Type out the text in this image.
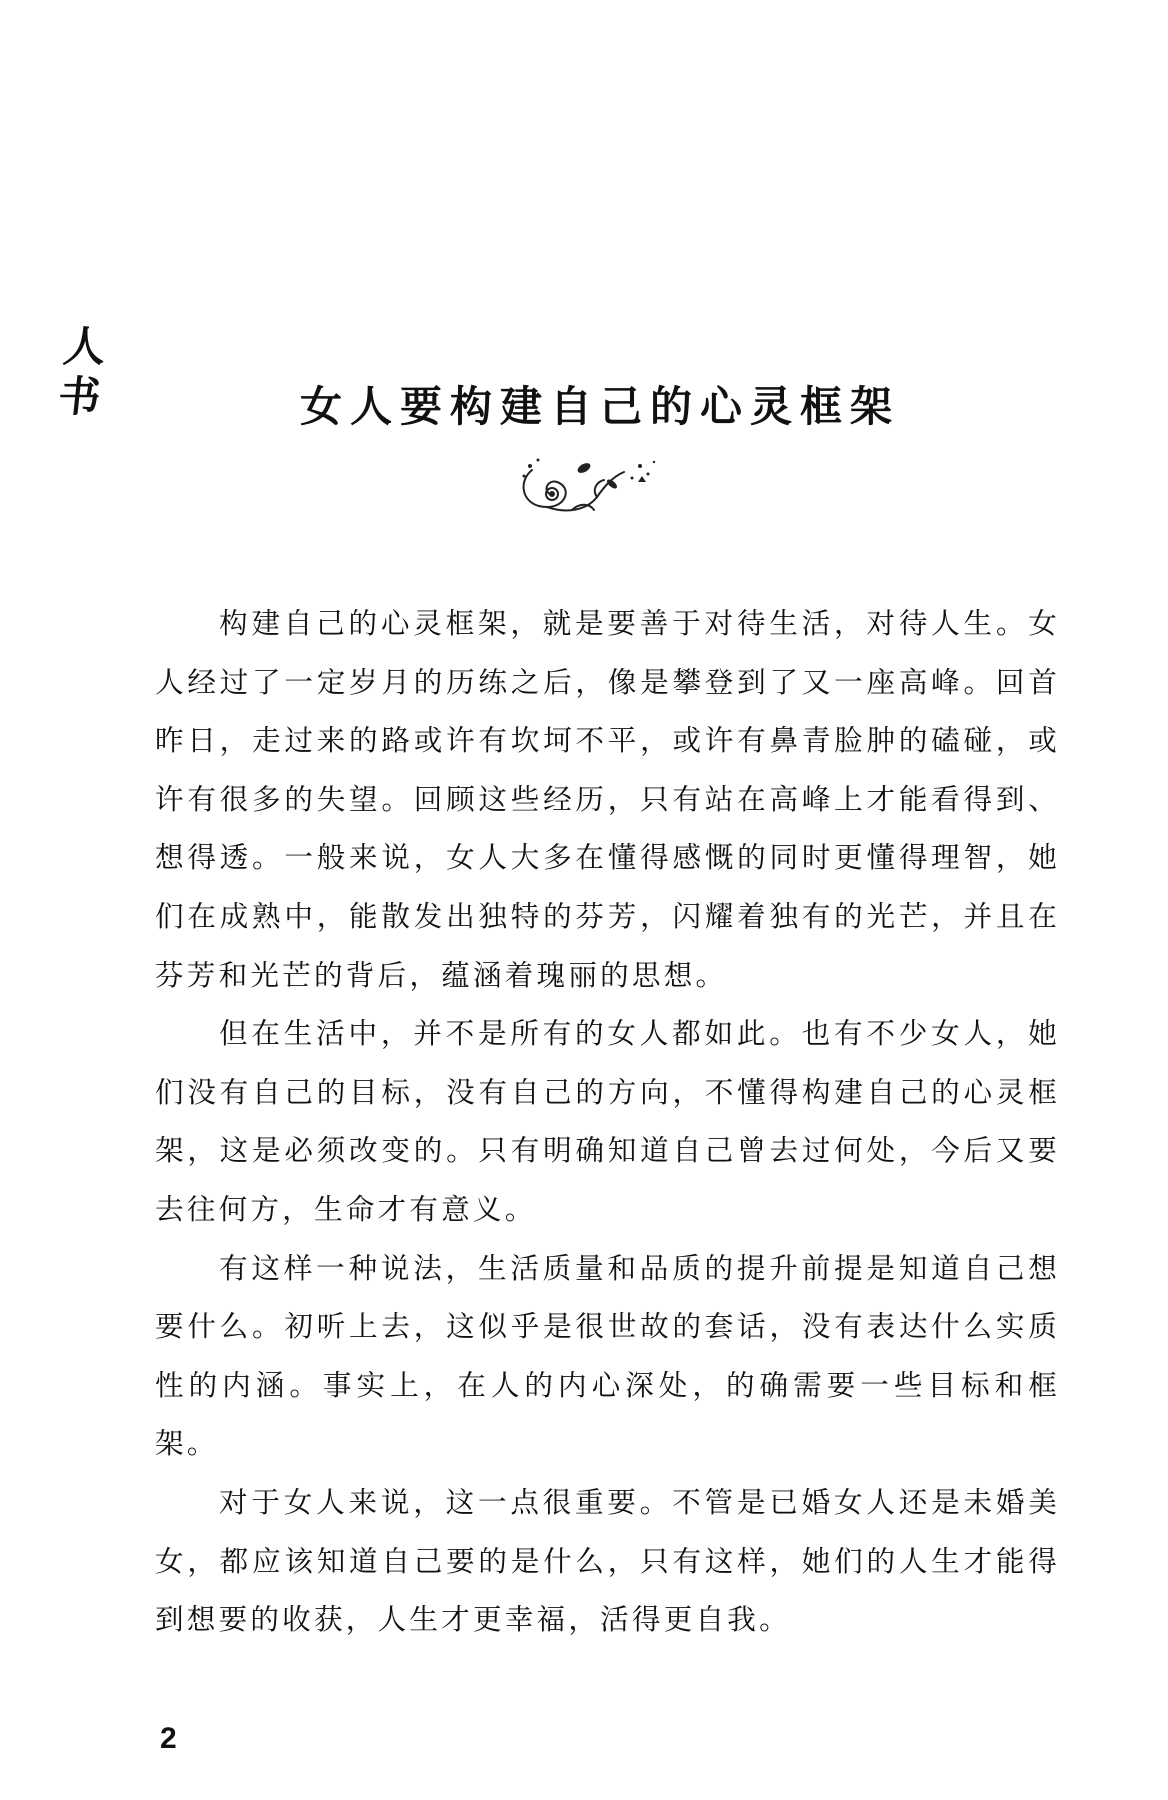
人
书	女人要构建自己的心灵框架

构建自己的心灵框架，就是要善于对待生活，对待人生。女人经过了一定岁月的历练之后，像是攀登到了又一座高峰。回首昨日，走过来的路或许有坎坷不平，或许有鼻青脸肿的磕碰，或许有很多的失望。回顾这些经历，只有站在高峰上才能看得到、想得透。一般来说，女人大多在懂得感慨的同时更懂得理智，她们在成熟中，能散发出独特的芬芳，闪耀着独有的光芒，并且在芬芳和光芒的背后，蕴涵着瑰丽的思想。

但在生活中，并不是所有的女人都如此。也有不少女人，她们没有自己的目标，没有自己的方向，不懂得构建自己的心灵框架，这是必须改变的。只有明确知道自己曾去过何处，今后又要去往何方，生命才有意义。

有这样一种说法，生活质量和品质的提升前提是知道自己想要什么。初听上去，这似乎是很世故的套话，没有表达什么实质性的内涵。事实上，在人的内心深处，的确需要一些目标和框架。

对于女人来说，这一点很重要。不管是已婚女人还是未婚美女，都应该知道自己要的是什么，只有这样，她们的人生才能得到想要的收获，人生才更幸福，活得更自我。

2
